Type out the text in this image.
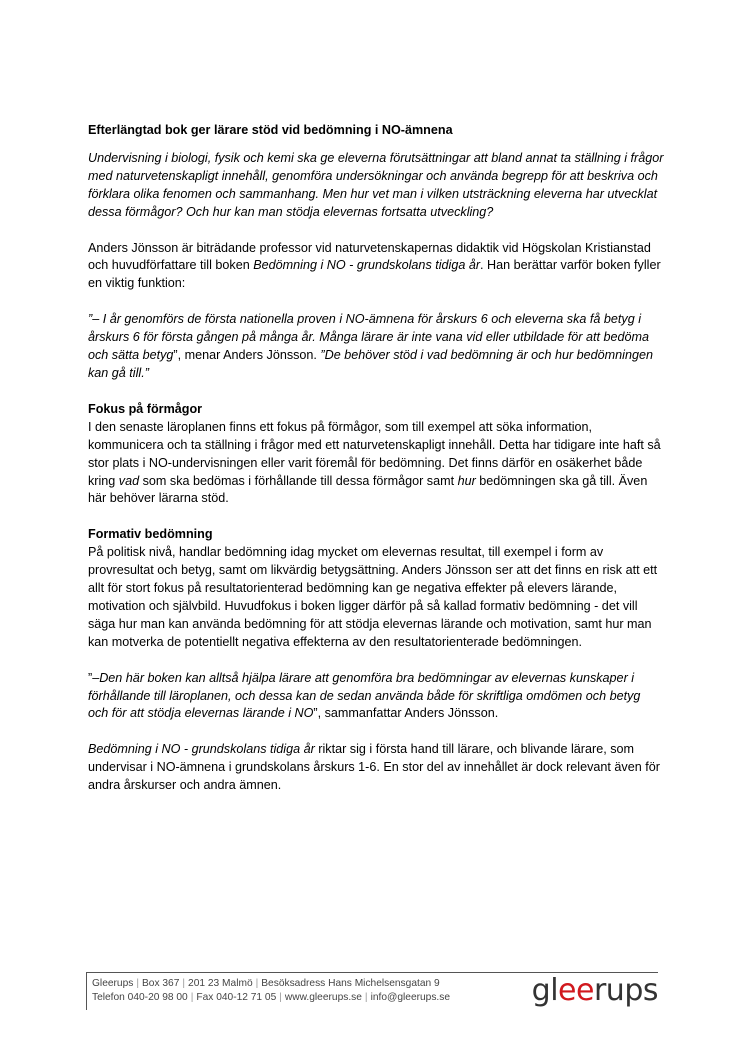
Efterlängtad bok ger lärare stöd vid bedömning i NO-ämnena

Undervisning i biologi, fysik och kemi ska ge eleverna förutsättningar att bland annat ta ställning i frågor med naturvetenskapligt innehåll, genomföra undersökningar och använda begrepp för att beskriva och förklara olika fenomen och sammanhang. Men hur vet man i vilken utsträckning eleverna har utvecklat dessa förmågor? Och hur kan man stödja elevernas fortsatta utveckling?

Anders Jönsson är biträdande professor vid naturvetenskapernas didaktik vid Högskolan Kristianstad och huvudförfattare till boken Bedömning i NO - grundskolans tidiga år. Han berättar varför boken fyller en viktig funktion:

”– I år genomförs de första nationella proven i NO-ämnena för årskurs 6 och eleverna ska få betyg i årskurs 6 för första gången på många år. Många lärare är inte vana vid eller utbildade för att bedöma och sätta betyg”, menar Anders Jönsson. ”De behöver stöd i vad bedömning är och hur bedömningen kan gå till.”

Fokus på förmågor
I den senaste läroplanen finns ett fokus på förmågor, som till exempel att söka information, kommunicera och ta ställning i frågor med ett naturvetenskapligt innehåll. Detta har tidigare inte haft så stor plats i NO-undervisningen eller varit föremål för bedömning. Det finns därför en osäkerhet både kring vad som ska bedömas i förhållande till dessa förmågor samt hur bedömningen ska gå till. Även här behöver lärarna stöd.

Formativ bedömning
På politisk nivå, handlar bedömning idag mycket om elevernas resultat, till exempel i form av provresultat och betyg, samt om likvärdig betygsättning. Anders Jönsson ser att det finns en risk att ett allt för stort fokus på resultatorienterad bedömning kan ge negativa effekter på elevers lärande, motivation och självbild. Huvudfokus i boken ligger därför på så kallad formativ bedömning - det vill säga hur man kan använda bedömning för att stödja elevernas lärande och motivation, samt hur man kan motverka de potentiellt negativa effekterna av den resultatorienterade bedömningen.

”–Den här boken kan alltså hjälpa lärare att genomföra bra bedömningar av elevernas kunskaper i förhållande till läroplanen, och dessa kan de sedan använda både för skriftliga omdömen och betyg och för att stödja elevernas lärande i NO”, sammanfattar Anders Jönsson.

Bedömning i NO - grundskolans tidiga år riktar sig i första hand till lärare, och blivande lärare, som undervisar i NO-ämnena i grundskolans årskurs 1-6. En stor del av innehållet är dock relevant även för andra årskurser och andra ämnen.

Gleerups | Box 367 | 201 23 Malmö | Besöksadress Hans Michelsensgatan 9
Telefon 040-20 98 00 | Fax 040-12 71 05 | www.gleerups.se | info@gleerups.se	gleerups
